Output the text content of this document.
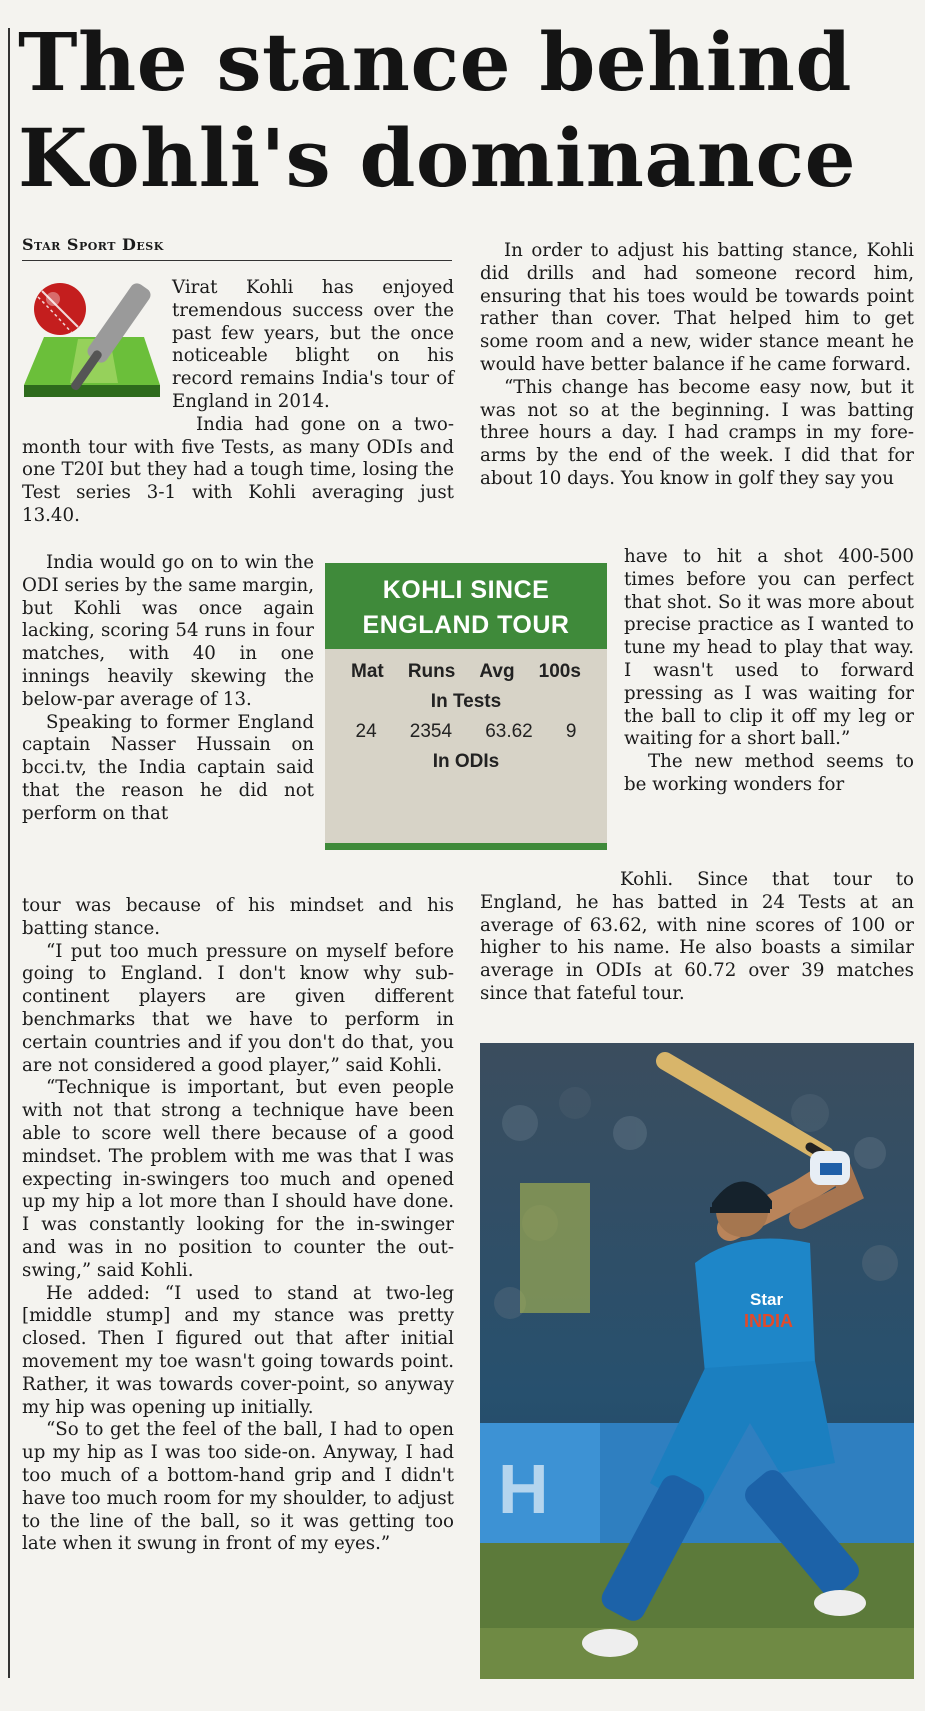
The stance behind Kohli's dominance
Star Sport Desk

Virat Kohli has enjoyed tremendous success over the past few years, but the once noticeable blight on his record remains India's tour of England in 2014.

India had gone on a two-month tour with five Tests, as many ODIs and one T20I but they had a tough time, losing the Test series 3-1 with Kohli averaging just 13.40.

India would go on to win the ODI series by the same margin, but Kohli was once again lacking, scoring 54 runs in four matches, with 40 in one innings heavily skewing the below-par average of 13.

Speaking to former England captain Nasser Hussain on bcci.tv, the India captain said that the reason he did not perform on that

tour was because of his mindset and his batting stance.

“I put too much pressure on myself before going to England. I don't know why sub-continent players are given different benchmarks that we have to perform in certain countries and if you don't do that, you are not considered a good player,” said Kohli.

“Technique is important, but even people with not that strong a technique have been able to score well there because of a good mindset. The problem with me was that I was expecting in-swingers too much and opened up my hip a lot more than I should have done. I was constantly looking for the in-swinger and was in no position to counter the out-swing,” said Kohli.

He added: “I used to stand at two-leg [middle stump] and my stance was pretty closed. Then I figured out that after initial movement my toe wasn't going towards point. Rather, it was towards cover-point, so anyway my hip was opening up initially.

“So to get the feel of the ball, I had to open up my hip as I was too side-on. Anyway, I had too much of a bottom-hand grip and I didn't have too much room for my shoulder, to adjust to the line of the ball, so it was getting too late when it swung in front of my eyes.”

In order to adjust his batting stance, Kohli did drills and had someone record him, ensuring that his toes would be towards point rather than cover. That helped him to get some room and a new, wider stance meant he would have better balance if he came forward.

“This change has become easy now, but it was not so at the beginning. I was batting three hours a day. I had cramps in my fore-arms by the end of the week. I did that for about 10 days. You know in golf they say you

have to hit a shot 400-500 times before you can perfect that shot. So it was more about precise practice as I wanted to tune my head to play that way. I wasn't used to forward pressing as I was waiting for the ball to clip it off my leg or waiting for a short ball.”

The new method seems to be working wonders for

Kohli. Since that tour to England, he has batted in 24 Tests at an average of 63.62, with nine scores of 100 or higher to his name. He also boasts a similar average in ODIs at 60.72 over 39 matches since that fateful tour.

KOHLI SINCE
ENGLAND TOUR
Mat Runs Avg 100s
In Tests
24 2354 63.62 9
In ODIs
H
Star
INDIA
